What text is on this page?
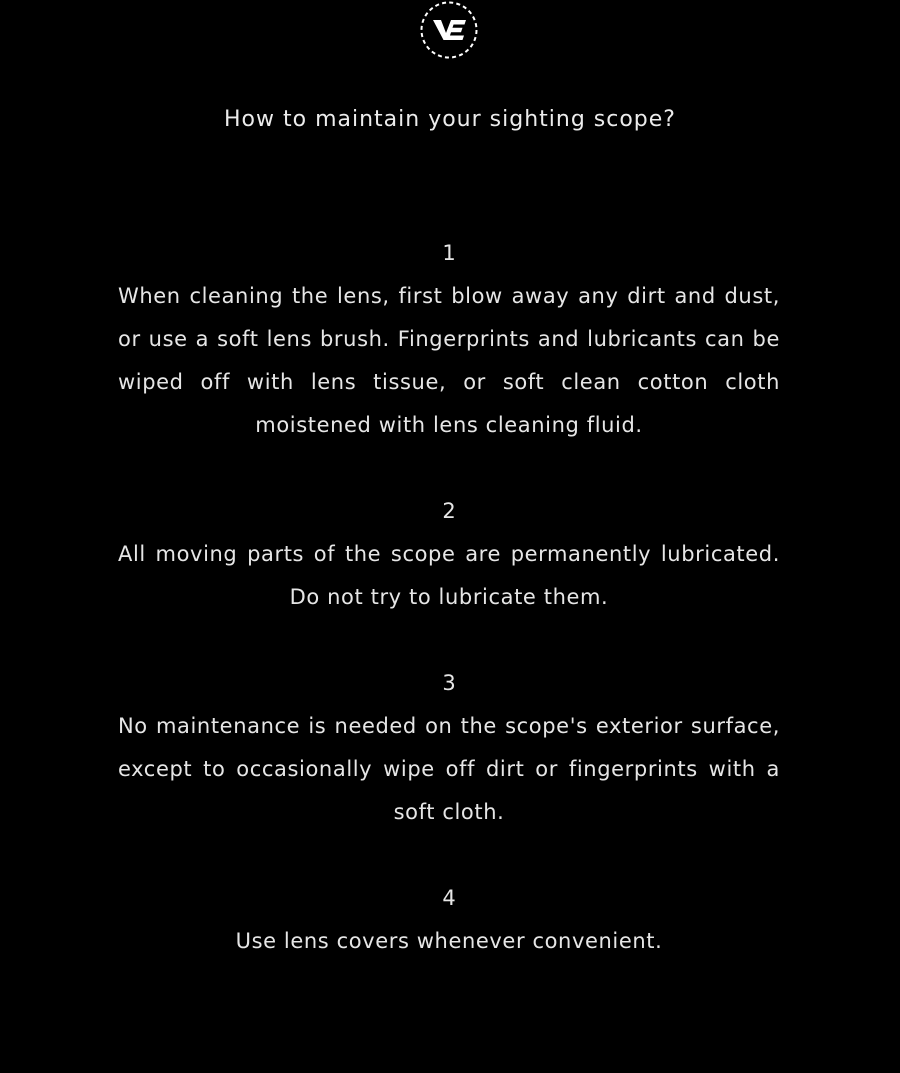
How to maintain your sighting scope?
1

When cleaning the lens, first blow away any dirt and dust, or use a soft lens brush. Fingerprints and lubricants can be wiped off with lens tissue, or soft clean cotton cloth moistened with lens cleaning fluid.

2

All moving parts of the scope are permanently lubricated. Do not try to lubricate them.

3

No maintenance is needed on the scope's exterior surface, except to occasionally wipe off dirt or fingerprints with a soft cloth.

4

Use lens covers whenever convenient.
